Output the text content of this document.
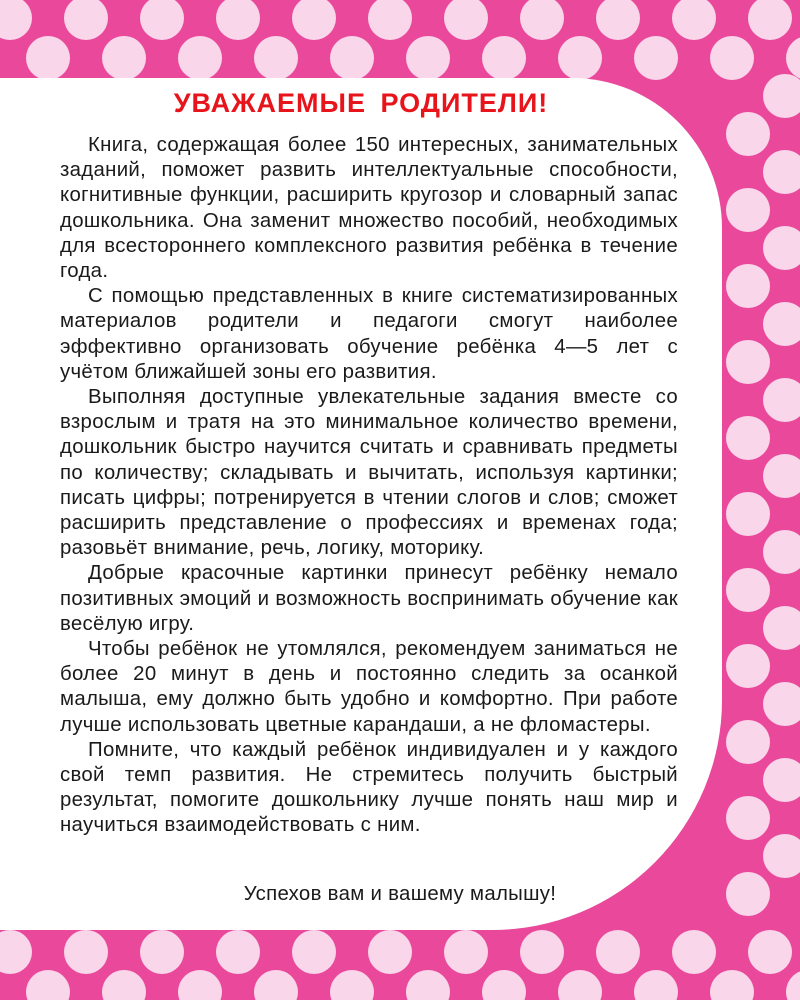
УВАЖАЕМЫЕ РОДИТЕЛИ!

Книга, содержащая более 150 интересных, занимательных заданий, поможет развить интеллектуальные способности, когнитивные функции, расширить кругозор и словарный запас дошкольника. Она заменит множество пособий, необходимых для всестороннего комплексного развития ребёнка в течение года.

С помощью представленных в книге систематизированных материалов родители и педагоги смогут наиболее эффективно организовать обучение ребёнка 4—5 лет с учётом ближайшей зоны его развития.

Выполняя доступные увлекательные задания вместе со взрослым и тратя на это минимальное количество времени, дошкольник быстро научится считать и сравнивать предметы по количеству; складывать и вычитать, используя картинки; писать цифры; потренируется в чтении слогов и слов; сможет расширить представление о профессиях и временах года; разовьёт внимание, речь, логику, моторику.

Добрые красочные картинки принесут ребёнку немало позитивных эмоций и возможность воспринимать обучение как весёлую игру.

Чтобы ребёнок не утомлялся, рекомендуем заниматься не более 20 минут в день и постоянно следить за осанкой малыша, ему должно быть удобно и комфортно. При работе лучше использовать цветные карандаши, а не фломастеры.

Помните, что каждый ребёнок индивидуален и у каждого свой темп развития. Не стремитесь получить быстрый результат, помогите дошкольнику лучше понять наш мир и научиться взаимодействовать с ним.

Успехов вам и вашему малышу!
